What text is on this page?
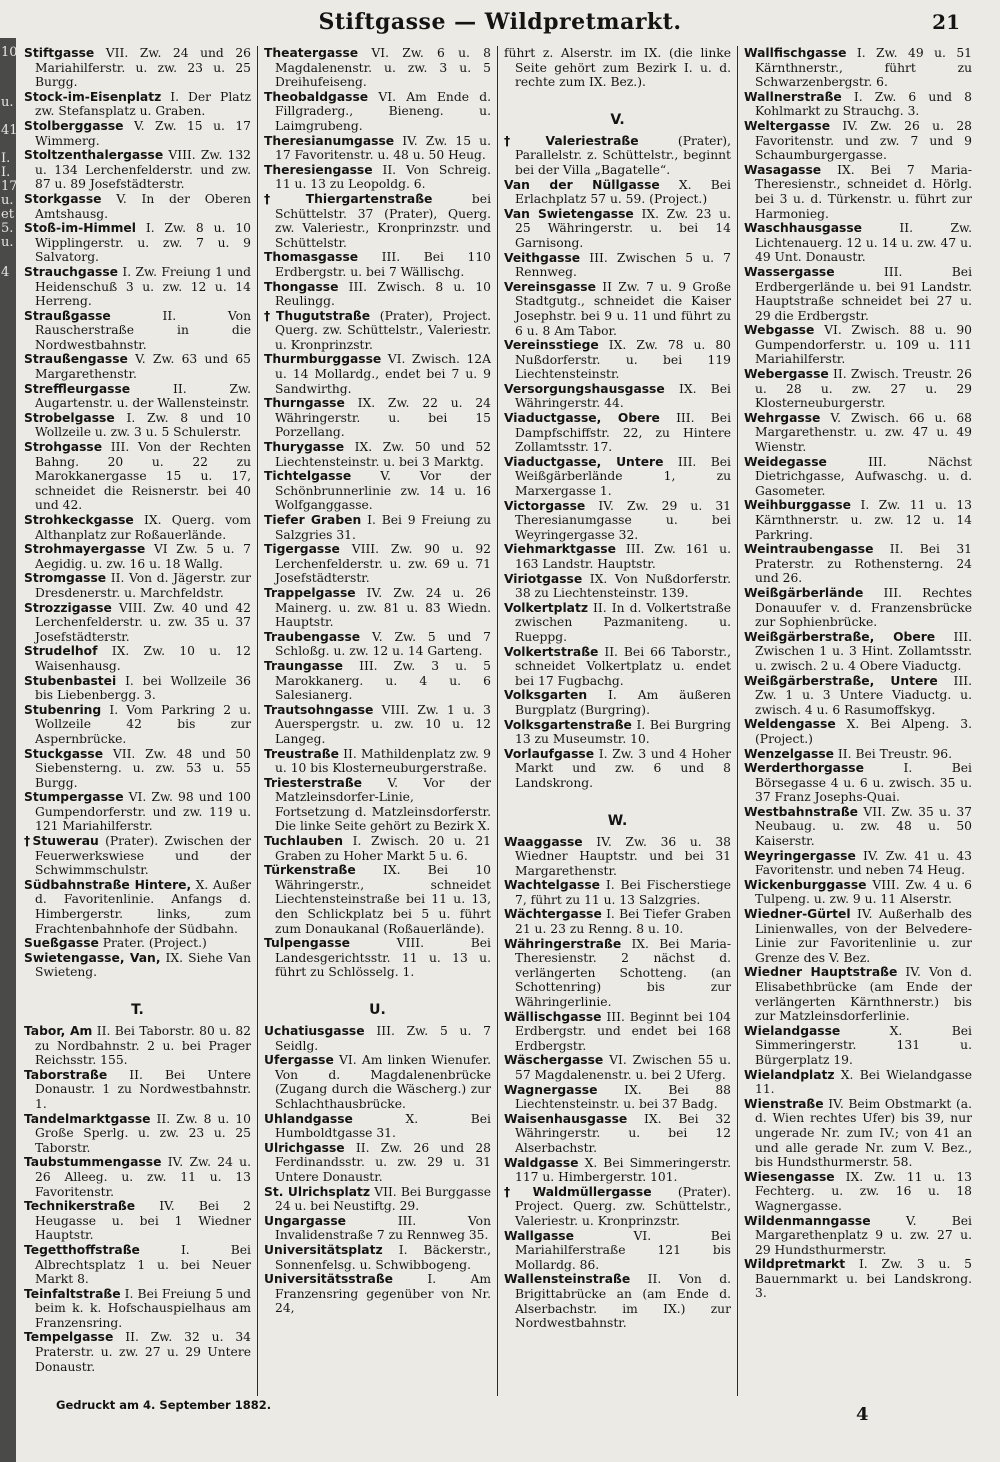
10
u.
41
I.
I.
17
u.
et
5.
u.
4
Stiftgasse — Wildpretmarkt.	21

Stiftgasse VII. Zw. 24 und 26 Mariahilferstr. u. zw. 23 u. 25 Burgg.

Stock-im-Eisenplatz I. Der Platz zw. Stefansplatz u. Graben.

Stolberggasse V. Zw. 15 u. 17 Wimmerg.

Stoltzenthalergasse VIII. Zw. 132 u. 134 Lerchenfelderstr. und zw. 87 u. 89 Josefstädterstr.

Storkgasse V. In der Oberen Amtshausg.

Stoß-im-Himmel I. Zw. 8 u. 10 Wipplingerstr. u. zw. 7 u. 9 Salvatorg.

Strauchgasse I. Zw. Freiung 1 und Heidenschuß 3 u. zw. 12 u. 14 Herreng.

Straußgasse II. Von Rauscherstraße in die Nordwestbahnstr.

Straußengasse V. Zw. 63 und 65 Margarethenstr.

Streffleurgasse II. Zw. Augartenstr. u. der Wallensteinstr.

Strobelgasse I. Zw. 8 und 10 Wollzeile u. zw. 3 u. 5 Schulerstr.

Strohgasse III. Von der Rechten Bahng. 20 u. 22 zu Marokkanergasse 15 u. 17, schneidet die Reisnerstr. bei 40 und 42.

Strohkeckgasse IX. Querg. vom Althanplatz zur Roßauerlände.

Strohmayergasse VI Zw. 5 u. 7 Aegidig. u. zw. 16 u. 18 Wallg.

Stromgasse II. Von d. Jägerstr. zur Dresdenerstr. u. Marchfeldstr.

Strozzigasse VIII. Zw. 40 und 42 Lerchenfelderstr. u. zw. 35 u. 37 Josefstädterstr.

Strudelhof IX. Zw. 10 u. 12 Waisenhausg.

Stubenbastei I. bei Wollzeile 36 bis Liebenbergg. 3.

Stubenring I. Vom Parkring 2 u. Wollzeile 42 bis zur Aspernbrücke.

Stuckgasse VII. Zw. 48 und 50 Siebensterng. u. zw. 53 u. 55 Burgg.

Stumpergasse VI. Zw. 98 und 100 Gumpendorferstr. und zw. 119 u. 121 Mariahilferstr.

†Stuwerau (Prater). Zwischen der Feuerwerkswiese und der Schwimmschulstr.

Südbahnstraße Hintere, X. Außer d. Favoritenlinie. Anfangs d. Himbergerstr. links, zum Frachtenbahnhofe der Südbahn.

Sueßgasse Prater. (Project.)

Swietengasse, Van, IX. Siehe Van Swieteng.

T.

Tabor, Am II. Bei Taborstr. 80 u. 82 zu Nordbahnstr. 2 u. bei Prager Reichsstr. 155.

Taborstraße II. Bei Untere Donaustr. 1 zu Nordwestbahnstr. 1.

Tandelmarktgasse II. Zw. 8 u. 10 Große Sperlg. u. zw. 23 u. 25 Taborstr.

Taubstummengasse IV. Zw. 24 u. 26 Alleeg. u. zw. 11 u. 13 Favoritenstr.

Technikerstraße IV. Bei 2 Heugasse u. bei 1 Wiedner Hauptstr.

Tegetthoffstraße I. Bei Albrechtsplatz 1 u. bei Neuer Markt 8.

Teinfaltstraße I. Bei Freiung 5 und beim k. k. Hofschauspielhaus am Franzensring.

Tempelgasse II. Zw. 32 u. 34 Praterstr. u. zw. 27 u. 29 Untere Donaustr.

Theatergasse VI. Zw. 6 u. 8 Magdalenenstr. u. zw. 3 u. 5 Dreihufeiseng.

Theobaldgasse VI. Am Ende d. Fillgraderg., Bieneng. u. Laimgrubeng.

Theresianumgasse IV. Zw. 15 u. 17 Favoritenstr. u. 48 u. 50 Heug.

Theresiengasse II. Von Schreig. 11 u. 13 zu Leopoldg. 6.

†Thiergartenstraße bei Schüttelstr. 37 (Prater), Querg. zw. Valeriestr., Kronprinzstr. und Schüttelstr.

Thomasgasse III. Bei 110 Erdbergstr. u. bei 7 Wällischg.

Thongasse III. Zwisch. 8 u. 10 Reulingg.

†Thugutstraße (Prater), Project. Querg. zw. Schüttelstr., Valeriestr. u. Kronprinzstr.

Thurmburggasse VI. Zwisch. 12A u. 14 Mollardg., endet bei 7 u. 9 Sandwirthg.

Thurngasse IX. Zw. 22 u. 24 Währingerstr. u. bei 15 Porzellang.

Thurygasse IX. Zw. 50 und 52 Liechtensteinstr. u. bei 3 Marktg.

Tichtelgasse V. Vor der Schönbrunnerlinie zw. 14 u. 16 Wolfganggasse.

Tiefer Graben I. Bei 9 Freiung zu Salzgries 31.

Tigergasse VIII. Zw. 90 u. 92 Lerchenfelderstr. u. zw. 69 u. 71 Josefstädterstr.

Trappelgasse IV. Zw. 24 u. 26 Mainerg. u. zw. 81 u. 83 Wiedn. Hauptstr.

Traubengasse V. Zw. 5 und 7 Schloßg. u. zw. 12 u. 14 Garteng.

Traungasse III. Zw. 3 u. 5 Marokkanerg. u. 4 u. 6 Salesianerg.

Trautsohngasse VIII. Zw. 1 u. 3 Auerspergstr. u. zw. 10 u. 12 Langeg.

Treustraße II. Mathildenplatz zw. 9 u. 10 bis Klosterneuburgerstraße.

Triesterstraße V. Vor der Matzleinsdorfer-Linie, Fortsetzung d. Matzleinsdorferstr. Die linke Seite gehört zu Bezirk X.

Tuchlauben I. Zwisch. 20 u. 21 Graben zu Hoher Markt 5 u. 6.

Türkenstraße IX. Bei 10 Währingerstr., schneidet Liechtensteinstraße bei 11 u. 13, den Schlickplatz bei 5 u. führt zum Donaukanal (Roßauerlände).

Tulpengasse VIII. Bei Landesgerichtsstr. 11 u. 13 u. führt zu Schlösselg. 1.

U.

Uchatiusgasse III. Zw. 5 u. 7 Seidlg.

Ufergasse VI. Am linken Wienufer. Von d. Magdalenenbrücke (Zugang durch die Wäscherg.) zur Schlachthausbrücke.

Uhlandgasse X. Bei Humboldtgasse 31.

Ulrichgasse II. Zw. 26 und 28 Ferdinandsstr. u. zw. 29 u. 31 Untere Donaustr.

St. Ulrichsplatz VII. Bei Burggasse 24 u. bei Neustiftg. 29.

Ungargasse III. Von Invalidenstraße 7 zu Rennweg 35.

Universitätsplatz I. Bäckerstr., Sonnenfelsg. u. Schwibbogeng.

Universitätsstraße I. Am Franzensring gegenüber von Nr. 24,

führt z. Alserstr. im IX. (die linke Seite gehört zum Bezirk I. u. d. rechte zum IX. Bez.).

V.

†Valeriestraße (Prater), Parallelstr. z. Schüttelstr., beginnt bei der Villa „Bagatelle“.

Van der Nüllgasse X. Bei Erlachplatz 57 u. 59. (Project.)

Van Swietengasse IX. Zw. 23 u. 25 Währingerstr. u. bei 14 Garnisong.

Veithgasse III. Zwischen 5 u. 7 Rennweg.

Vereinsgasse II Zw. 7 u. 9 Große Stadtgutg., schneidet die Kaiser Josephstr. bei 9 u. 11 und führt zu 6 u. 8 Am Tabor.

Vereinsstiege IX. Zw. 78 u. 80 Nußdorferstr. u. bei 119 Liechtensteinstr.

Versorgungshausgasse IX. Bei Währingerstr. 44.

Viaductgasse, Obere III. Bei Dampfschiffstr. 22, zu Hintere Zollamtsstr. 17.

Viaductgasse, Untere III. Bei Weißgärberlände 1, zu Marxergasse 1.

Victorgasse IV. Zw. 29 u. 31 Theresianumgasse u. bei Weyringergasse 32.

Viehmarktgasse III. Zw. 161 u. 163 Landstr. Hauptstr.

Viriotgasse IX. Von Nußdorferstr. 38 zu Liechtensteinstr. 139.

Volkertplatz II. In d. Volkertstraße zwischen Pazmaniteng. u. Rueppg.

Volkertstraße II. Bei 66 Taborstr., schneidet Volkertplatz u. endet bei 17 Fugbachg.

Volksgarten I. Am äußeren Burgplatz (Burgring).

Volksgartenstraße I. Bei Burgring 13 zu Museumstr. 10.

Vorlaufgasse I. Zw. 3 und 4 Hoher Markt und zw. 6 und 8 Landskrong.

W.

Waaggasse IV. Zw. 36 u. 38 Wiedner Hauptstr. und bei 31 Margarethenstr.

Wachtelgasse I. Bei Fischerstiege 7, führt zu 11 u. 13 Salzgries.

Wächtergasse I. Bei Tiefer Graben 21 u. 23 zu Renng. 8 u. 10.

Währingerstraße IX. Bei Maria-Theresienstr. 2 nächst d. verlängerten Schotteng. (an Schottenring) bis zur Währingerlinie.

Wällischgasse III. Beginnt bei 104 Erdbergstr. und endet bei 168 Erdbergstr.

Wäschergasse VI. Zwischen 55 u. 57 Magdalenenstr. u. bei 2 Uferg.

Wagnergasse IX. Bei 88 Liechtensteinstr. u. bei 37 Badg.

Waisenhausgasse IX. Bei 32 Währingerstr. u. bei 12 Alserbachstr.

Waldgasse X. Bei Simmeringerstr. 117 u. Himbergerstr. 101.

†Waldmüllergasse (Prater). Project. Querg. zw. Schüttelstr., Valeriestr. u. Kronprinzstr.

Wallgasse VI. Bei Mariahilferstraße 121 bis Mollardg. 86.

Wallensteinstraße II. Von d. Brigittabrücke an (am Ende d. Alserbachstr. im IX.) zur Nordwestbahnstr.

Wallfischgasse I. Zw. 49 u. 51 Kärnthnerstr., führt zu Schwarzenbergstr. 6.

Wallnerstraße I. Zw. 6 und 8 Kohlmarkt zu Strauchg. 3.

Weltergasse IV. Zw. 26 u. 28 Favoritenstr. und zw. 7 und 9 Schaumburgergasse.

Wasagasse IX. Bei 7 Maria-Theresienstr., schneidet d. Hörlg. bei 3 u. d. Türkenstr. u. führt zur Harmonieg.

Waschhausgasse II. Zw. Lichtenauerg. 12 u. 14 u. zw. 47 u. 49 Unt. Donaustr.

Wassergasse III. Bei Erdbergerlände u. bei 91 Landstr. Hauptstraße schneidet bei 27 u. 29 die Erdbergstr.

Webgasse VI. Zwisch. 88 u. 90 Gumpendorferstr. u. 109 u. 111 Mariahilferstr.

Webergasse II. Zwisch. Treustr. 26 u. 28 u. zw. 27 u. 29 Klosterneuburgerstr.

Wehrgasse V. Zwisch. 66 u. 68 Margarethenstr. u. zw. 47 u. 49 Wienstr.

Weidegasse III. Nächst Dietrichgasse, Aufwaschg. u. d. Gasometer.

Weihburggasse I. Zw. 11 u. 13 Kärnthnerstr. u. zw. 12 u. 14 Parkring.

Weintraubengasse II. Bei 31 Praterstr. zu Rothensterng. 24 und 26.

Weißgärberlände III. Rechtes Donauufer v. d. Franzensbrücke zur Sophienbrücke.

Weißgärberstraße, Obere III. Zwischen 1 u. 3 Hint. Zollamtsstr. u. zwisch. 2 u. 4 Obere Viaductg.

Weißgärberstraße, Untere III. Zw. 1 u. 3 Untere Viaductg. u. zwisch. 4 u. 6 Rasumoffskyg.

Weldengasse X. Bei Alpeng. 3. (Project.)

Wenzelgasse II. Bei Treustr. 96.

Werderthorgasse I. Bei Börsegasse 4 u. 6 u. zwisch. 35 u. 37 Franz Josephs-Quai.

Westbahnstraße VII. Zw. 35 u. 37 Neubaug. u. zw. 48 u. 50 Kaiserstr.

Weyringergasse IV. Zw. 41 u. 43 Favoritenstr. und neben 74 Heug.

Wickenburggasse VIII. Zw. 4 u. 6 Tulpeng. u. zw. 9 u. 11 Alserstr.

Wiedner-Gürtel IV. Außerhalb des Linienwalles, von der Belvedere-Linie zur Favoritenlinie u. zur Grenze des V. Bez.

Wiedner Hauptstraße IV. Von d. Elisabethbrücke (am Ende der verlängerten Kärnthnerstr.) bis zur Matzleinsdorferlinie.

Wielandgasse X. Bei Simmeringerstr. 131 u. Bürgerplatz 19.

Wielandplatz X. Bei Wielandgasse 11.

Wienstraße IV. Beim Obstmarkt (a. d. Wien rechtes Ufer) bis 39, nur ungerade Nr. zum IV.; von 41 an und alle gerade Nr. zum V. Bez., bis Hundsthurmerstr. 58.

Wiesengasse IX. Zw. 11 u. 13 Fechterg. u. zw. 16 u. 18 Wagnergasse.

Wildenmanngasse V. Bei Margarethenplatz 9 u. zw. 27 u. 29 Hundsthurmerstr.

Wildpretmarkt I. Zw. 3 u. 5 Bauernmarkt u. bei Landskrong. 3.

Gedruckt am 4. September 1882.	4
